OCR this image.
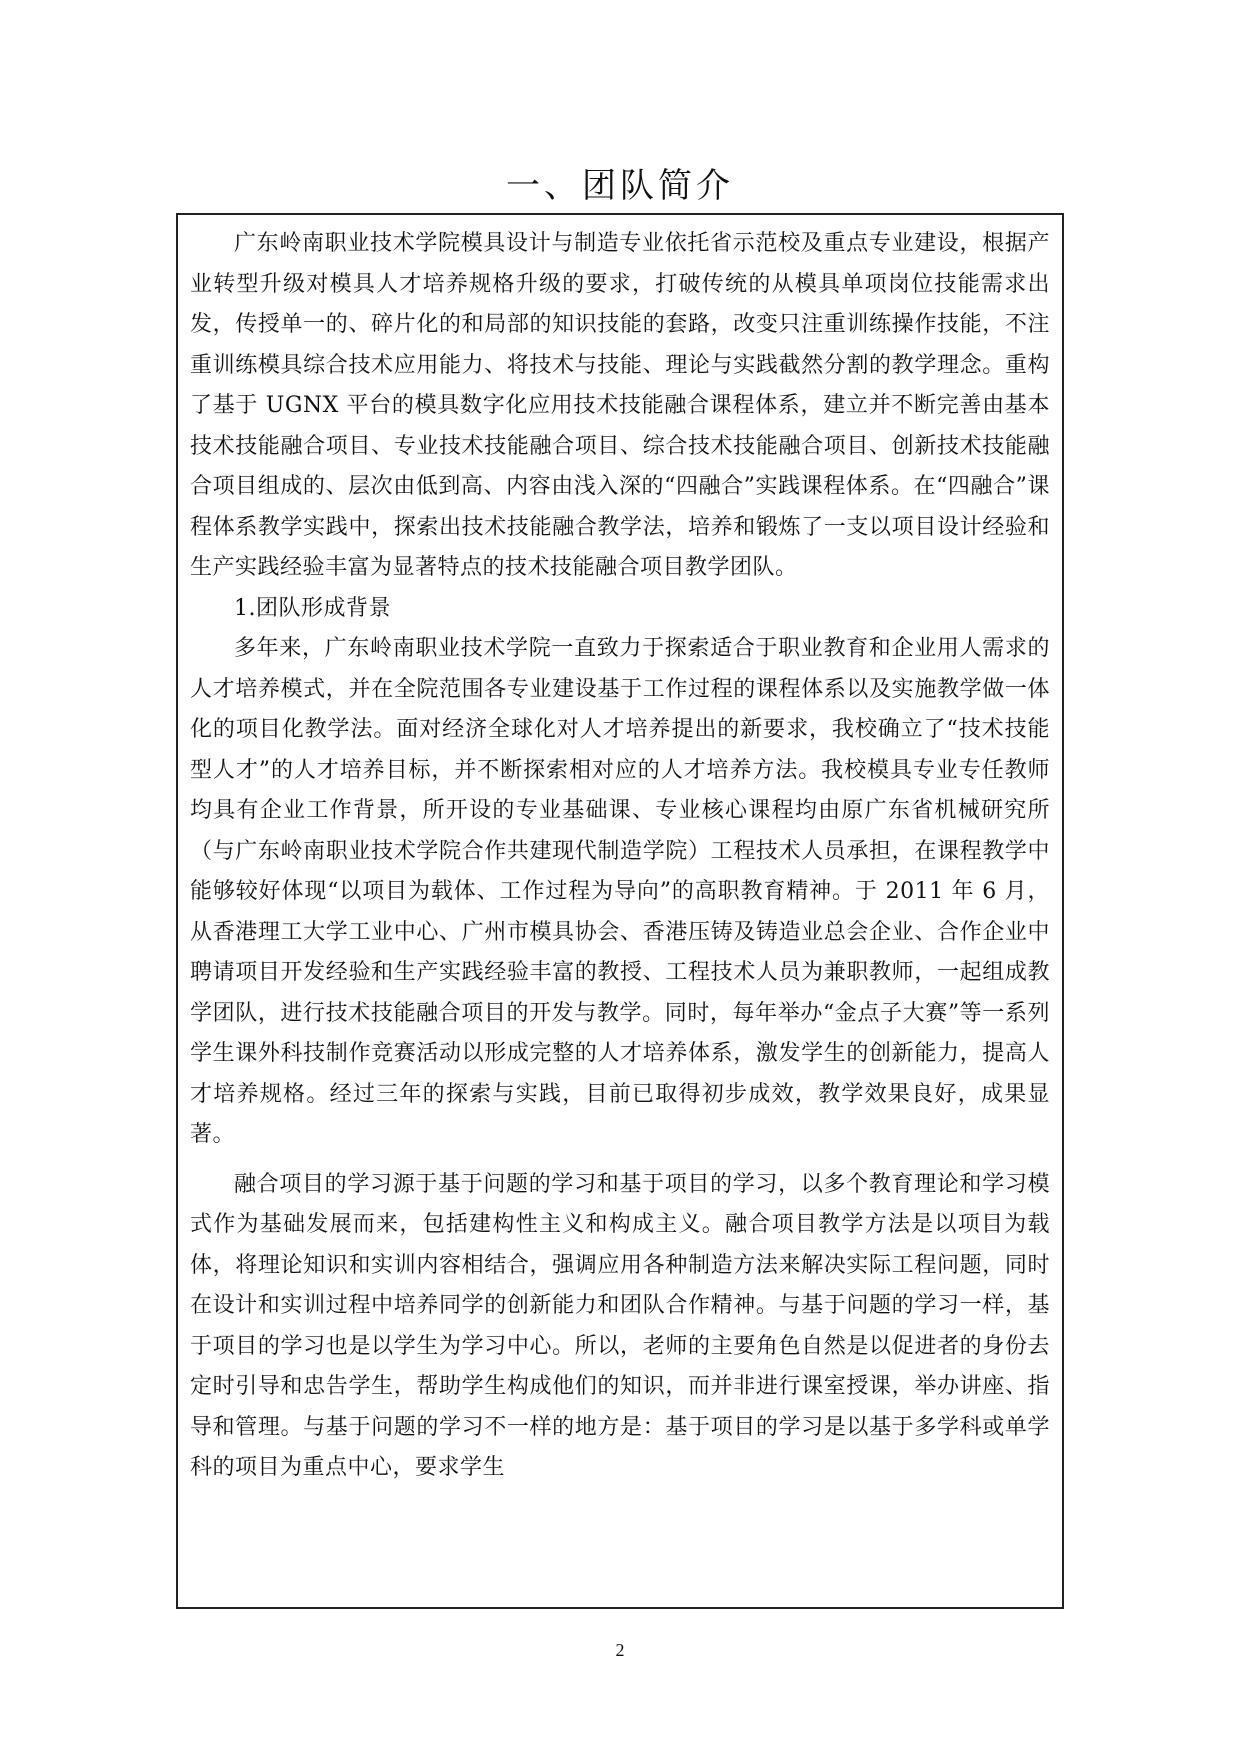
一、团队简介

广东岭南职业技术学院模具设计与制造专业依托省示范校及重点专业建设，根据产业转型升级对模具人才培养规格升级的要求，打破传统的从模具单项岗位技能需求出发，传授单一的、碎片化的和局部的知识技能的套路，改变只注重训练操作技能，不注重训练模具综合技术应用能力、将技术与技能、理论与实践截然分割的教学理念。重构了基于 UGNX 平台的模具数字化应用技术技能融合课程体系，建立并不断完善由基本技术技能融合项目、专业技术技能融合项目、综合技术技能融合项目、创新技术技能融合项目组成的、层次由低到高、内容由浅入深的“四融合”实践课程体系。在“四融合”课程体系教学实践中，探索出技术技能融合教学法，培养和锻炼了一支以项目设计经验和生产实践经验丰富为显著特点的技术技能融合项目教学团队。

1.团队形成背景

多年来，广东岭南职业技术学院一直致力于探索适合于职业教育和企业用人需求的人才培养模式，并在全院范围各专业建设基于工作过程的课程体系以及实施教学做一体化的项目化教学法。面对经济全球化对人才培养提出的新要求，我校确立了“技术技能型人才”的人才培养目标，并不断探索相对应的人才培养方法。我校模具专业专任教师均具有企业工作背景，所开设的专业基础课、专业核心课程均由原广东省机械研究所（与广东岭南职业技术学院合作共建现代制造学院）工程技术人员承担，在课程教学中能够较好体现“以项目为载体、工作过程为导向”的高职教育精神。于 2011 年 6 月，从香港理工大学工业中心、广州市模具协会、香港压铸及铸造业总会企业、合作企业中聘请项目开发经验和生产实践经验丰富的教授、工程技术人员为兼职教师，一起组成教学团队，进行技术技能融合项目的开发与教学。同时，每年举办“金点子大赛”等一系列学生课外科技制作竞赛活动以形成完整的人才培养体系，激发学生的创新能力，提高人才培养规格。经过三年的探索与实践，目前已取得初步成效，教学效果良好，成果显著。

融合项目的学习源于基于问题的学习和基于项目的学习，以多个教育理论和学习模式作为基础发展而来，包括建构性主义和构成主义。融合项目教学方法是以项目为载体，将理论知识和实训内容相结合，强调应用各种制造方法来解决实际工程问题，同时在设计和实训过程中培养同学的创新能力和团队合作精神。与基于问题的学习一样，基于项目的学习也是以学生为学习中心。所以，老师的主要角色自然是以促进者的身份去定时引导和忠告学生，帮助学生构成他们的知识，而并非进行课室授课，举办讲座、指导和管理。与基于问题的学习不一样的地方是：基于项目的学习是以基于多学科或单学科的项目为重点中心，要求学生

2
